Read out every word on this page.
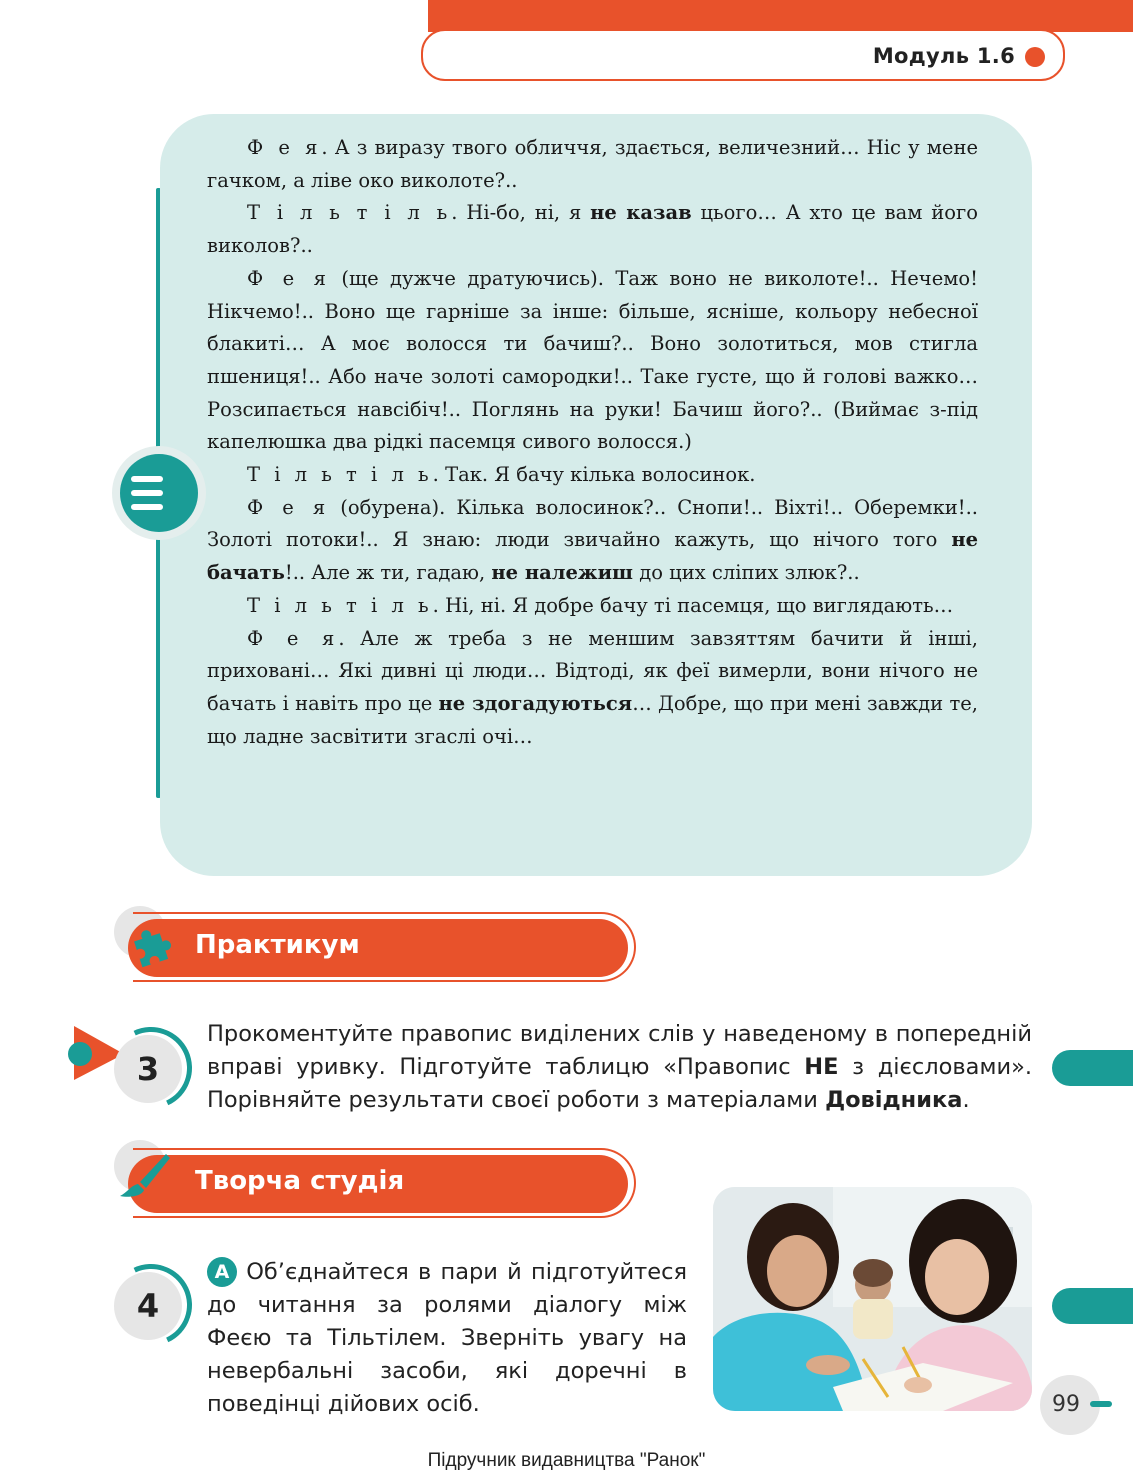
Модуль 1.6

Ф е я. А з виразу твого обличчя, здається, величезний… Ніс у мене гачком, а ліве око виколоте?..

Т і л ь т і л ь. Ні-бо, ні, я не казав цього… А хто це вам його виколов?..

Ф е я (ще дужче дратуючись). Таж воно не виколоте!.. Нечемо! Нікчемо!.. Воно ще гарніше за інше: більше, ясніше, кольору небесної блакиті… А моє волосся ти бачиш?.. Воно золотиться, мов стигла пшениця!.. Або наче золоті самородки!.. Таке густе, що й голові важко… Розсипається навсібіч!.. Поглянь на руки! Бачиш його?.. (Виймає з-під капелюшка два рідкі пасемця сивого волосся.)

Т і л ь т і л ь. Так. Я бачу кілька волосинок.

Ф е я (обурена). Кілька волосинок?.. Снопи!.. Віхті!.. Оберемки!.. Золоті потоки!.. Я знаю: люди звичайно кажуть, що нічого того не бачать!.. Але ж ти, гадаю, не належиш до цих сліпих злюк?..

Т і л ь т і л ь. Ні, ні. Я добре бачу ті пасемця, що виглядають…

Ф е я. Але ж треба з не меншим завзяттям бачити й інші, приховані… Які дивні ці люди… Відтоді, як феї вимерли, вони нічого не бачать і навіть про це не здогадуються… Добре, що при мені завжди те, що ладне засвітити згаслі очі…

Практикум
3
Прокоментуйте правопис виділених слів у наведеному в попередній вправі уривку. Підготуйте таблицю «Правопис НЕ з дієсловами». Порівняйте результати своєї роботи з матеріалами Довідника.
Творча студія
4
А Об’єднайтеся в пари й підготуйтеся до читання за ролями діалогу між Феєю та Тільтілем. Зверніть увагу на невербальні засоби, які доречні в поведінці дійових осіб.	99
Підручник видавництва "Ранок"
